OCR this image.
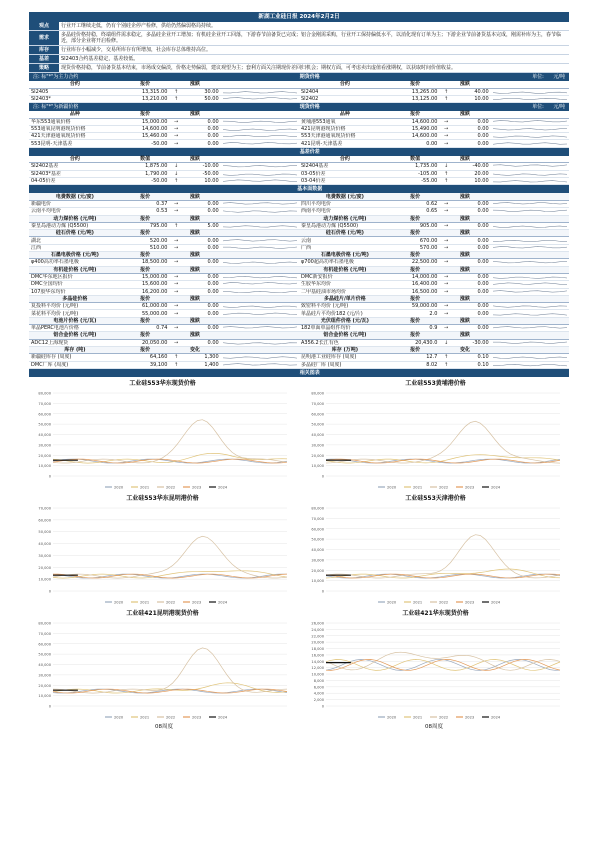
新湖工业硅日报 2024年2月2日
观点	行业开工继续走低，仍有个别硅企停产检修，供给仍然偏弱格局持续。
需求	多晶硅价格持稳，终端组件需求稳定，多晶硅企业开工增加；有机硅企业开工回落，下游春节前备货已完成；铝合金刚需采购，行业开工保持偏低水平，以消化现有订单为主；下游企业节前备货基本完成，刚需补库为主，春节临近，部分企业将开启检修。
库存	行业库存小幅减少，交易所库存有所增加，社会库存总体维持高位。
基差	SI2403合约基差稳定，基差较低。
策略	现货价格持稳，节前备货基本结束，市场成交偏淡，价格走势偏弱，建议观望为主；套利方面关注期现价差回归机会；期权方面，可考虑卖出虚值看涨期权，以获取时间价值收益。
注: 标"*"为主力合约	期货价格	单位: 元/吨
合约	报价	涨跌			合约	报价	涨跌		
SI2405	13,315.00	↑	30.00		SI2404	13,265.00	↑	40.00	

SI2403*	13,210.00	↑	50.00		SI2402	13,125.00	↑	10.00	
注: 标"*"为新疆价格	现货价格	单位: 元/吨
品种	报价	涨跌			品种	报价	涨跌		
华东553通氧价格	15,000.00	→	0.00		黄埔港553通氧	14,600.00	→	0.00	

553通氧昆明港现货价格	14,600.00	→	0.00		421昆明港现货价格	15,490.00	→	0.00	

421天津港通氧现货价格	15,460.00	→	0.00		553天津港通氧现货价格	14,600.00	→	0.00	

553昆明-天津基差	-50.00	→	0.00		421昆明-天津基差	0.00	→	0.00	
基差价差
合约	数值	涨跌			合约	数值	涨跌		
SI2402基差	1,875.00	↓	-10.00		SI2404基差	1,735.00	↓	-40.00	

SI2403*基差	1,790.00	↓	-50.00		03-05价差	-105.00	↑	20.00	

04-05价差	-50.00	↑	10.00		03-04价差	-55.00	↑	10.00	
基本面数据
电费数据 (元/度)	报价	涨跌			电费数据 (元/度)	报价	涨跌		
新疆电价	0.37	→	0.00		四川平均电价	0.62	→	0.00	

云南平均电价	0.53	→	0.00		西南平均电价	0.65	→	0.00	

动力煤价格 (元/吨)	报价	涨跌			动力煤价格 (元/吨)	报价	涨跌		
秦皇岛港动力煤 (Q5500)	795.00	↑	5.00		秦皇岛港动力煤 (Q5500)	905.00	→	0.00	

硅石价格 (元/吨)	报价	涨跌			硅石价格 (元/吨)	报价	涨跌		
湖北	520.00	→	0.00		云南	670.00	→	0.00	

江西	510.00	→	0.00		广西	570.00	→	0.00	

石墨电极价格 (元/吨)	报价	涨跌			石墨电极价格 (元/吨)	报价	涨跌		
φ400高功率石墨电极	18,500.00	→	0.00		φ700超高功率石墨电极	22,500.00	→	0.00	

有机硅价格 (元/吨)	报价	涨跌			有机硅价格 (元/吨)	报价	涨跌		
DMC华东地区报价	15,000.00	→	0.00		DMC新安报价	14,000.00	→	0.00	

DMC全国均价	15,600.00	→	0.00		生胶华东均价	16,400.00	→	0.00	

107胶华东均价	16,200.00	→	0.00		二甲基硅油市场均价	16,500.00	→	0.00	

多晶硅价格	报价	涨跌			多晶硅片/单片价格	报价	涨跌		
复投料平均价 (元/吨)	61,000.00	→	0.00		致密料平均价 (元/吨)	59,000.00	→	0.00	

菜花料平均价 (元/吨)	55,000.00	→	0.00		单晶硅片平均价182 (元/片)	2.0	→	0.00	

电池片价格 (元/瓦)	报价	涨跌			光伏组件价格 (元/瓦)	报价	涨跌		
单晶PERC电池片价格	0.74	→	0.00		182单面单晶组件均价	0.9	→	0.00	

铝合金价格 (元/吨)	报价	涨跌			铝合金价格 (元/吨)	报价	涨跌		
ADC12上海现货	20,050.00	→	0.00		A356.2长江有色	20,430.0	↓	-30.00	

库存 (吨)	报价	变化			库存 (万吨)	报价	变化		
新疆硅库存 (周度)	64,160	↑	1,300		昆明港工业硅库存 (周度)	12.7	↑	0.10	

DMC厂库 (周度)	39,100	↑	1,400		多晶硅厂库 (周度)	8.02	↑	0.10	
相关图表
工业硅553华东现货价格
0
10,000
20,000
30,000
40,000
50,000
60,000
70,000
80,000
2020	2021	2022	2023	2024
工业硅553黄埔港价格
0
10,000
20,000
30,000
40,000
50,000
60,000
70,000
80,000
2020	2021	2022	2023	2024
工业硅553华东昆明港价格
0
10,000
20,000
30,000
40,000
50,000
60,000
70,000
2020	2021	2022	2023	2024
工业硅553天津港价格
0
10,000
20,000
30,000
40,000
50,000
60,000
70,000
80,000
2020	2021	2022	2023	2024
工业硅421昆明港现货价格
0
10,000
20,000
30,000
40,000
50,000
60,000
70,000
80,000
2020	2021	2022	2023	2024
工业硅421华东现货价格
0
2,000
4,000
6,000
8,000
10,000
12,000
14,000
16,000
18,000
20,000
22,000
24,000
26,000
2020	2021	2022	2023	2024
08周度	08周度
